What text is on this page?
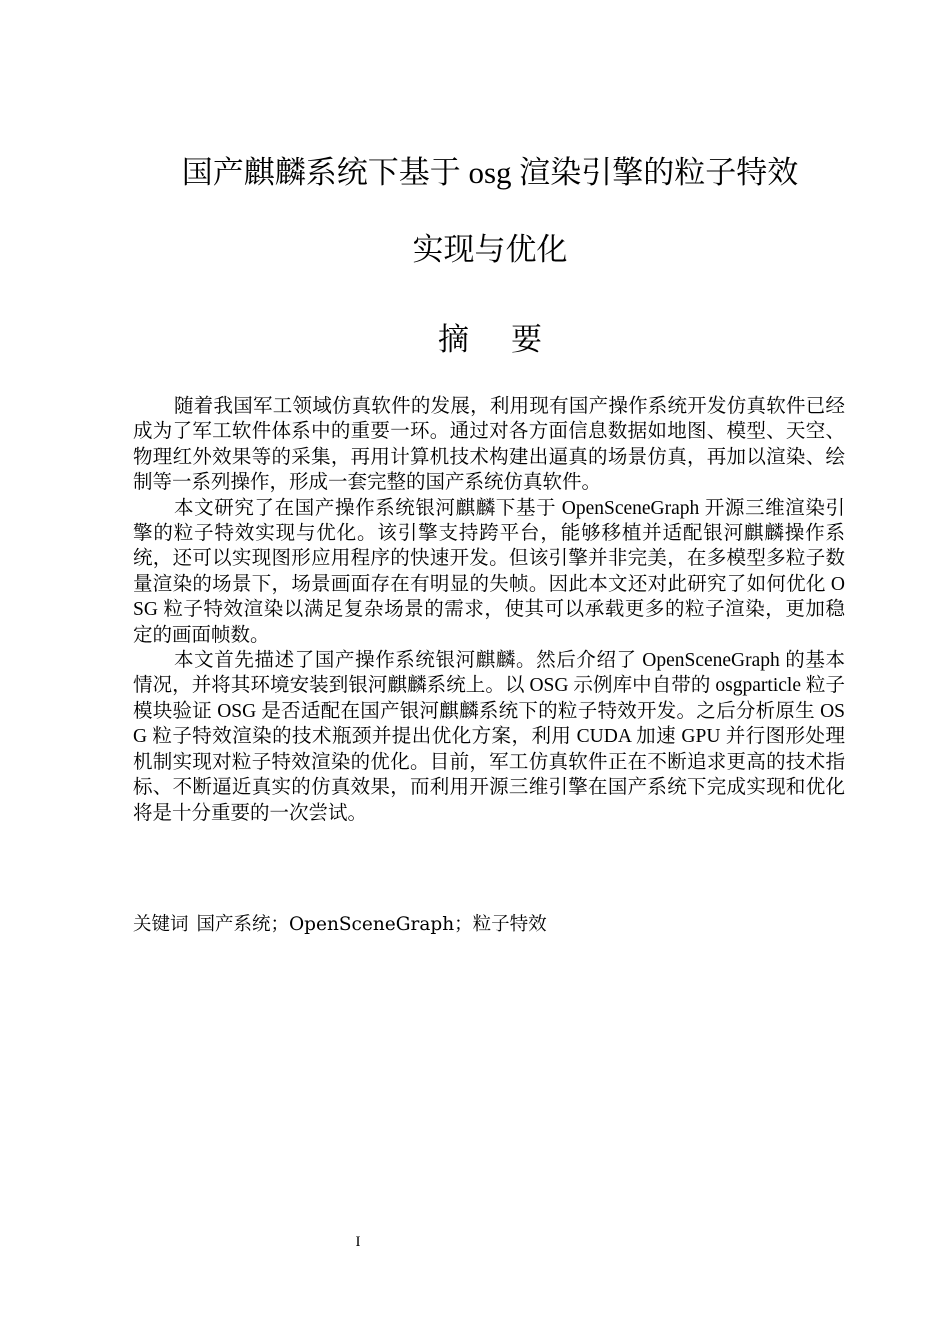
国产麒麟系统下基于 osg 渲染引擎的粒子特效
实现与优化
摘要

随着我国军工领域仿真软件的发展，利用现有国产操作系统开发仿真软件已经成为了军工软件体系中的重要一环。通过对各方面信息数据如地图、模型、天空、物理红外效果等的采集，再用计算机技术构建出逼真的场景仿真，再加以渲染、绘制等一系列操作，形成一套完整的国产系统仿真软件。

本文研究了在国产操作系统银河麒麟下基于 OpenSceneGraph 开源三维渲染引擎的粒子特效实现与优化。该引擎支持跨平台，能够移植并适配银河麒麟操作系统，还可以实现图形应用程序的快速开发。但该引擎并非完美，在多模型多粒子数量渲染的场景下，场景画面存在有明显的失帧。因此本文还对此研究了如何优化 OSG 粒子特效渲染以满足复杂场景的需求，使其可以承载更多的粒子渲染，更加稳定的画面帧数。

本文首先描述了国产操作系统银河麒麟。然后介绍了 OpenSceneGraph 的基本情况，并将其环境安装到银河麒麟系统上。以 OSG 示例库中自带的 osgparticle 粒子模块验证 OSG 是否适配在国产银河麒麟系统下的粒子特效开发。之后分析原生 OSG 粒子特效渲染的技术瓶颈并提出优化方案，利用 CUDA 加速 GPU 并行图形处理机制实现对粒子特效渲染的优化。目前，军工仿真软件正在不断追求更高的技术指标、不断逼近真实的仿真效果，而利用开源三维引擎在国产系统下完成实现和优化将是十分重要的一次尝试。

关键词 国产系统；OpenSceneGraph；粒子特效
I
